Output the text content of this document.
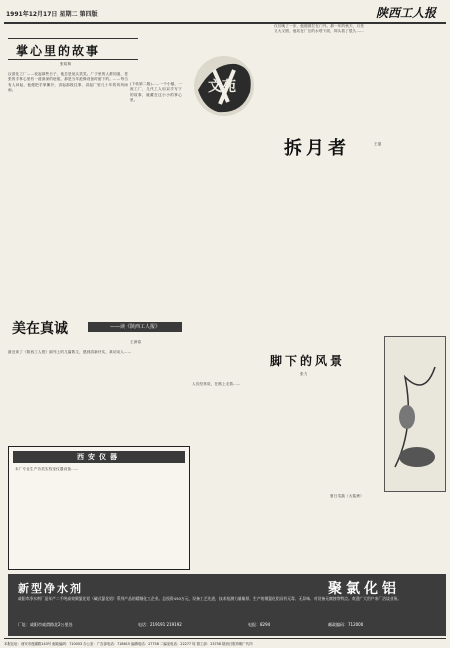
1991年12月17日 星期二 第四版	陕西工人报
掌心里的故事
张绍林
汉滨化工厂……说起那些日子，他总是低头笑笑。厂子里的人都知道，老张的手掌心里有一道深深的疤痕，那是当年抢修设备时留下的。……每当有人问起，他便把手掌摊开，讲起那段往事，讲起厂里几十年的风风雨雨。
(下转第二版)……一个小镇，一座工厂，几代工人用双手写下的故事，就藏在这小小的掌心里。
文苑
仅仅晚了一步，他便被拦在门外。那一年的秋天，月亮又大又圆，他站在厂区的水塔下面，仰头看了很久……
拆月者	王蔓
美在真诚	——读《陕西工人报》
王润春
最近读了《陕西工人报》副刊上的几篇散文，感到清新朴实，真切动人……
脚下的风景
张力
人们经常说，在路上走着……
夏日瓜蔬（大铭斋）
西安仪器
本厂专业生产各类实验室仪器设备……
新型净水剂	聚氯化铝
咸阳市净水剂厂是年产二千吨高效聚氯化铝（碱式氯化铝）系列产品的精细化工企业。总投资450万元，设备工艺先进，技术检测力量雄厚，生产的聚氯化铝具有无毒、无异味、对设备无腐蚀等特点。欢迎广大用户来厂洽谈业务。
厂址：咸阳市咸渭路北2公里处	电话：219191 219192	电报：8294	邮政编码：712000
本报社址：西安市莲湖路143号 邮政编码：710003 办公室：广告部电话：718615 编辑电话：27758 二编室电话：22277 转 群工部：23758 陕西日报印刷厂代印
